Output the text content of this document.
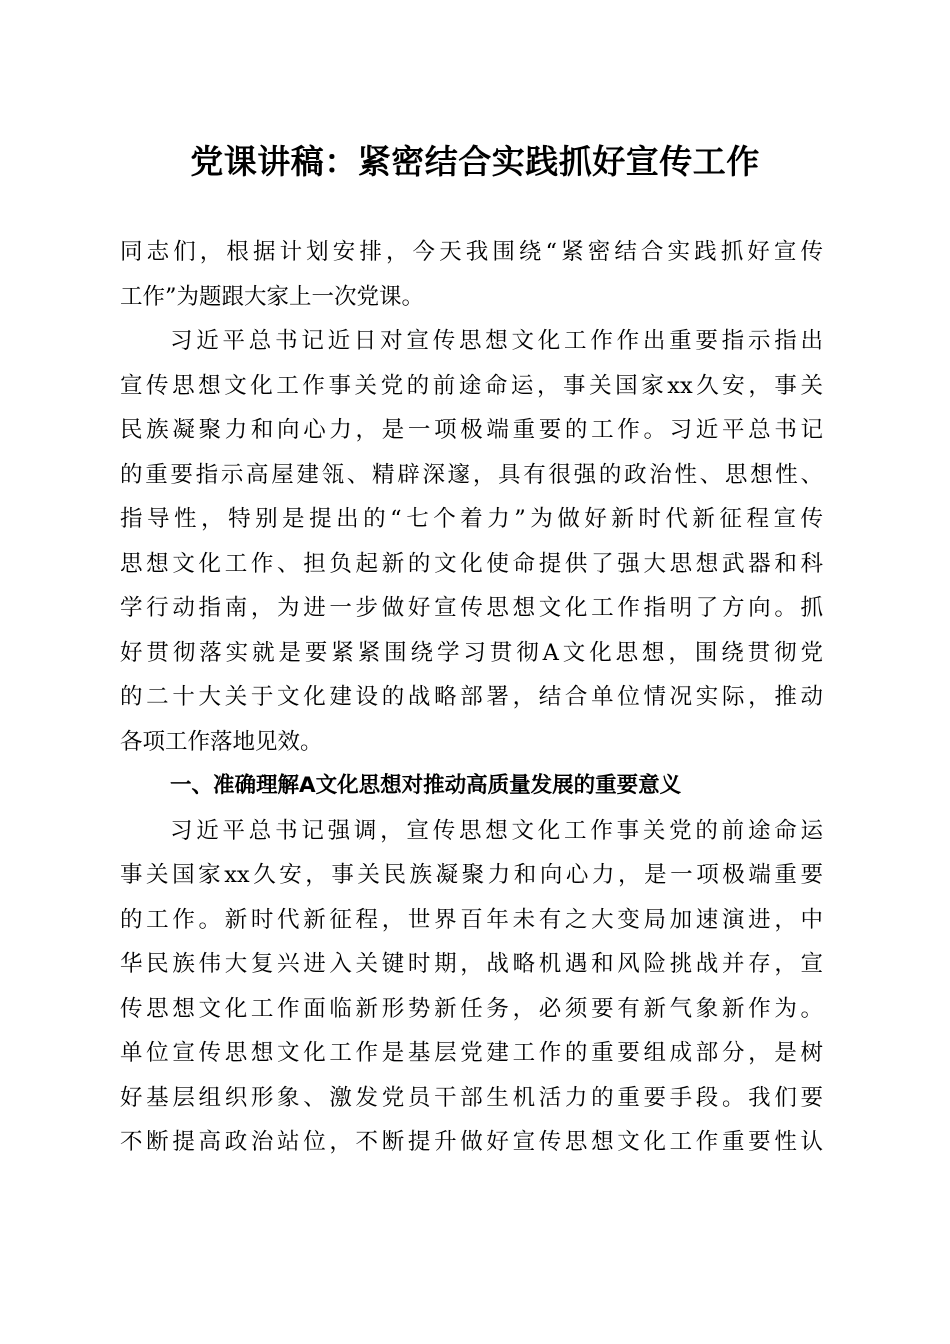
党课讲稿：紧密结合实践抓好宣传工作
同志们，根据计划安排，今天我围绕“紧密结合实践抓好宣传
工作”为题跟大家上一次党课。
习近平总书记近日对宣传思想文化工作作出重要指示指出
宣传思想文化工作事关党的前途命运，事关国家xx久安，事关
民族凝聚力和向心力，是一项极端重要的工作。习近平总书记
的重要指示高屋建瓴、精辟深邃，具有很强的政治性、思想性、
指导性，特别是提出的“七个着力”为做好新时代新征程宣传
思想文化工作、担负起新的文化使命提供了强大思想武器和科
学行动指南，为进一步做好宣传思想文化工作指明了方向。抓
好贯彻落实就是要紧紧围绕学习贯彻A文化思想，围绕贯彻党
的二十大关于文化建设的战略部署，结合单位情况实际，推动
各项工作落地见效。
一、准确理解A文化思想对推动高质量发展的重要意义
习近平总书记强调，宣传思想文化工作事关党的前途命运
事关国家xx久安，事关民族凝聚力和向心力，是一项极端重要
的工作。新时代新征程，世界百年未有之大变局加速演进，中
华民族伟大复兴进入关键时期，战略机遇和风险挑战并存，宣
传思想文化工作面临新形势新任务，必须要有新气象新作为。
单位宣传思想文化工作是基层党建工作的重要组成部分，是树
好基层组织形象、激发党员干部生机活力的重要手段。我们要
不断提高政治站位，不断提升做好宣传思想文化工作重要性认
